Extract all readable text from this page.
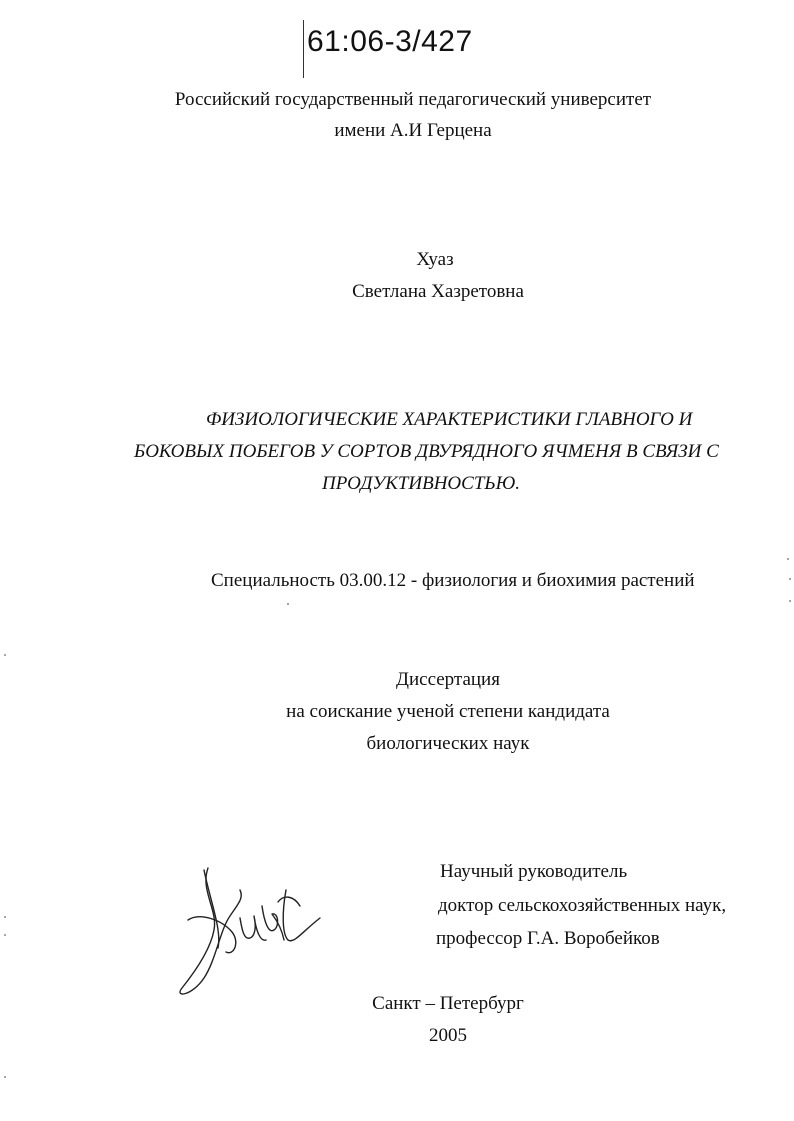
61:06-3/427
Российский государственный педагогический университет
имени А.И Герцена
Хуаз
Светлана Хазретовна
ФИЗИОЛОГИЧЕСКИЕ ХАРАКТЕРИСТИКИ ГЛАВНОГО И
БОКОВЫХ ПОБЕГОВ У СОРТОВ ДВУРЯДНОГО ЯЧМЕНЯ В СВЯЗИ С
ПРОДУКТИВНОСТЬЮ.
Специальность 03.00.12 - физиология и биохимия растений
Диссертация
на соискание ученой степени кандидата
биологических наук
Научный руководитель
доктор сельскохозяйственных наук,
профессор Г.А. Воробейков
Санкт – Петербург
2005
